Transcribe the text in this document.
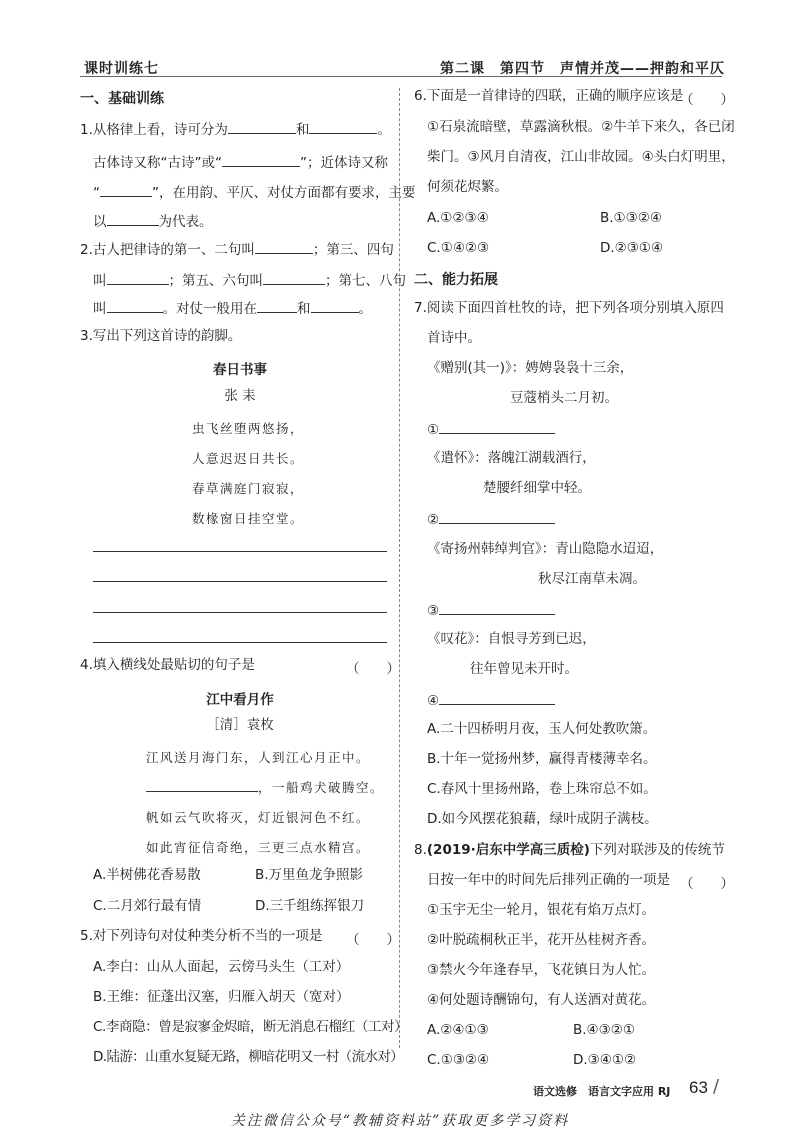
课时训练七	第二课　第四节　声情并茂——押韵和平仄
一、基础训练
1.从格律上看，诗可分为	和	。
古体诗又称“古诗”或“	”；近体诗又称
“	”，在用韵、平仄、对仗方面都有要求，主要
以	为代表。
2.古人把律诗的第一、二句叫	；第三、四句
叫	；第五、六句叫	；第七、八句
叫	。对仗一般用在	和	。
3.写出下列这首诗的韵脚。
春日书事
张 耒
虫飞丝堕两悠扬，
人意迟迟日共长。
春草满庭门寂寂，
数椽窗日挂空堂。
4.填入横线处最贴切的句子是	（　　）
江中看月作
［清］袁枚
江风送月海门东，人到江心月正中。
，一船鸡犬破腾空。
帆如云气吹将灭，灯近银河色不红。
如此宵征信奇绝，三更三点水精宫。
A.半树佛花香易散	B.万里鱼龙争照影
C.二月郊行最有情	D.三千组练挥银刀
5.对下列诗句对仗种类分析不当的一项是 （　　）
A.李白：山从人面起，云傍马头生（工对）
B.王维：征蓬出汉塞，归雁入胡天（宽对）
C.李商隐：曾是寂寥金烬暗，断无消息石榴红（工对）
D.陆游：山重水复疑无路，柳暗花明又一村（流水对）
6.下面是一首律诗的四联，正确的顺序应该是
（　　）
①石泉流暗壁，草露滴秋根。②牛羊下来久，各已闭
柴门。③风月自清夜，江山非故园。④头白灯明里，
何须花烬繁。
A.①②③④	B.①③②④
C.①④②③	D.②③①④
二、能力拓展
7.阅读下面四首杜牧的诗，把下列各项分别填入原四
首诗中。
《赠别(其一)》：娉娉袅袅十三余，
豆蔻梢头二月初。
①
《遣怀》：落魄江湖载酒行，
楚腰纤细掌中轻。
②
《寄扬州韩绰判官》：青山隐隐水迢迢，
秋尽江南草未凋。
③
《叹花》：自恨寻芳到已迟，
往年曾见未开时。
④
A.二十四桥明月夜，玉人何处教吹箫。
B.十年一觉扬州梦，赢得青楼薄幸名。
C.春风十里扬州路，卷上珠帘总不如。
D.如今风摆花狼藉，绿叶成阴子满枝。
8.(2019·启东中学高三质检)下列对联涉及的传统节
日按一年中的时间先后排列正确的一项是 （　　）
①玉宇无尘一轮月，银花有焰万点灯。
②叶脱疏桐秋正半，花开丛桂树齐香。
③禁火今年逢春早，飞花镇日为人忙。
④何处题诗酬锦句，有人送酒对黄花。
A.②④①③	B.④③②①
C.①③②④	D.③④①②
语文选修　语言文字应用 RJ 63 /
关注微信公众号“教辅资料站”获取更多学习资料
